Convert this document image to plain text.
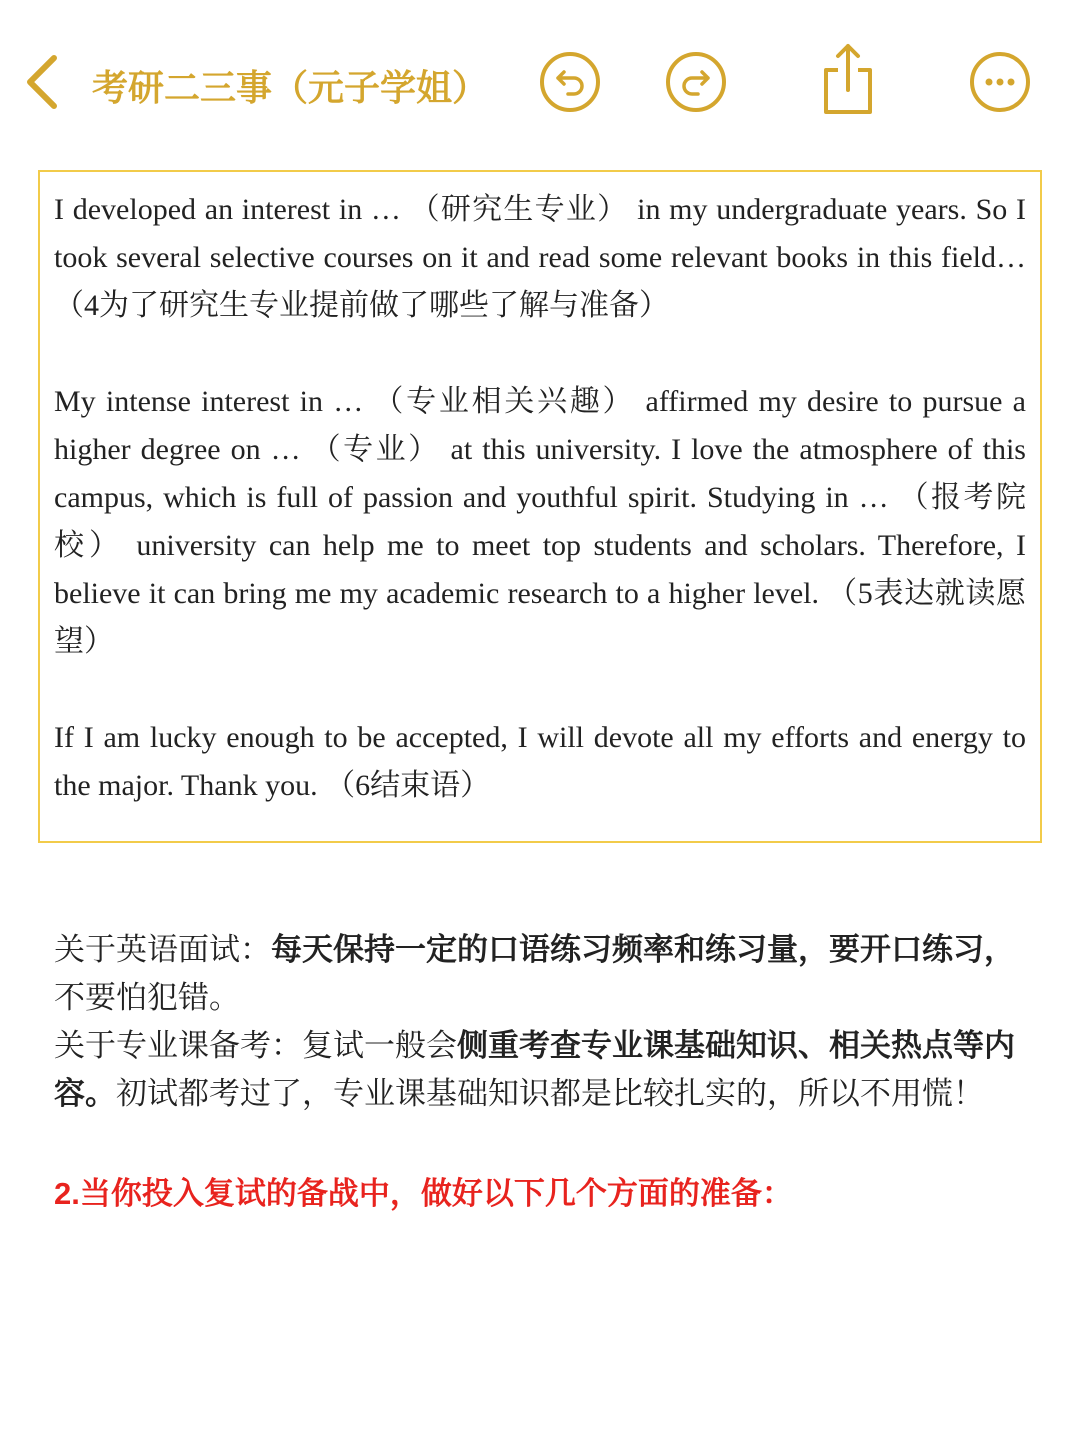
考研二三事（元子学姐）

I developed an interest in … （研究生专业） in my undergraduate years. So I took several selective courses on it and read some relevant books in this field… （4为了研究生专业提前做了哪些了解与准备）

My intense interest in … （专业相关兴趣） affirmed my desire to pursue a higher degree on … （专业） at this university. I love the atmosphere of this campus, which is full of passion and youthful spirit. Studying in … （报考院校） university can help me to meet top students and scholars. Therefore, I believe it can bring me my academic research to a higher level. （5表达就读愿望）

If I am lucky enough to be accepted, I will devote all my efforts and energy to the major. Thank you. （6结束语）

关于英语面试：每天保持一定的口语练习频率和练习量，要开口练习，不要怕犯错。

关于专业课备考：复试一般会侧重考查专业课基础知识、相关热点等内容。初试都考过了，专业课基础知识都是比较扎实的，所以不用慌！

2.当你投入复试的备战中，做好以下几个方面的准备：
